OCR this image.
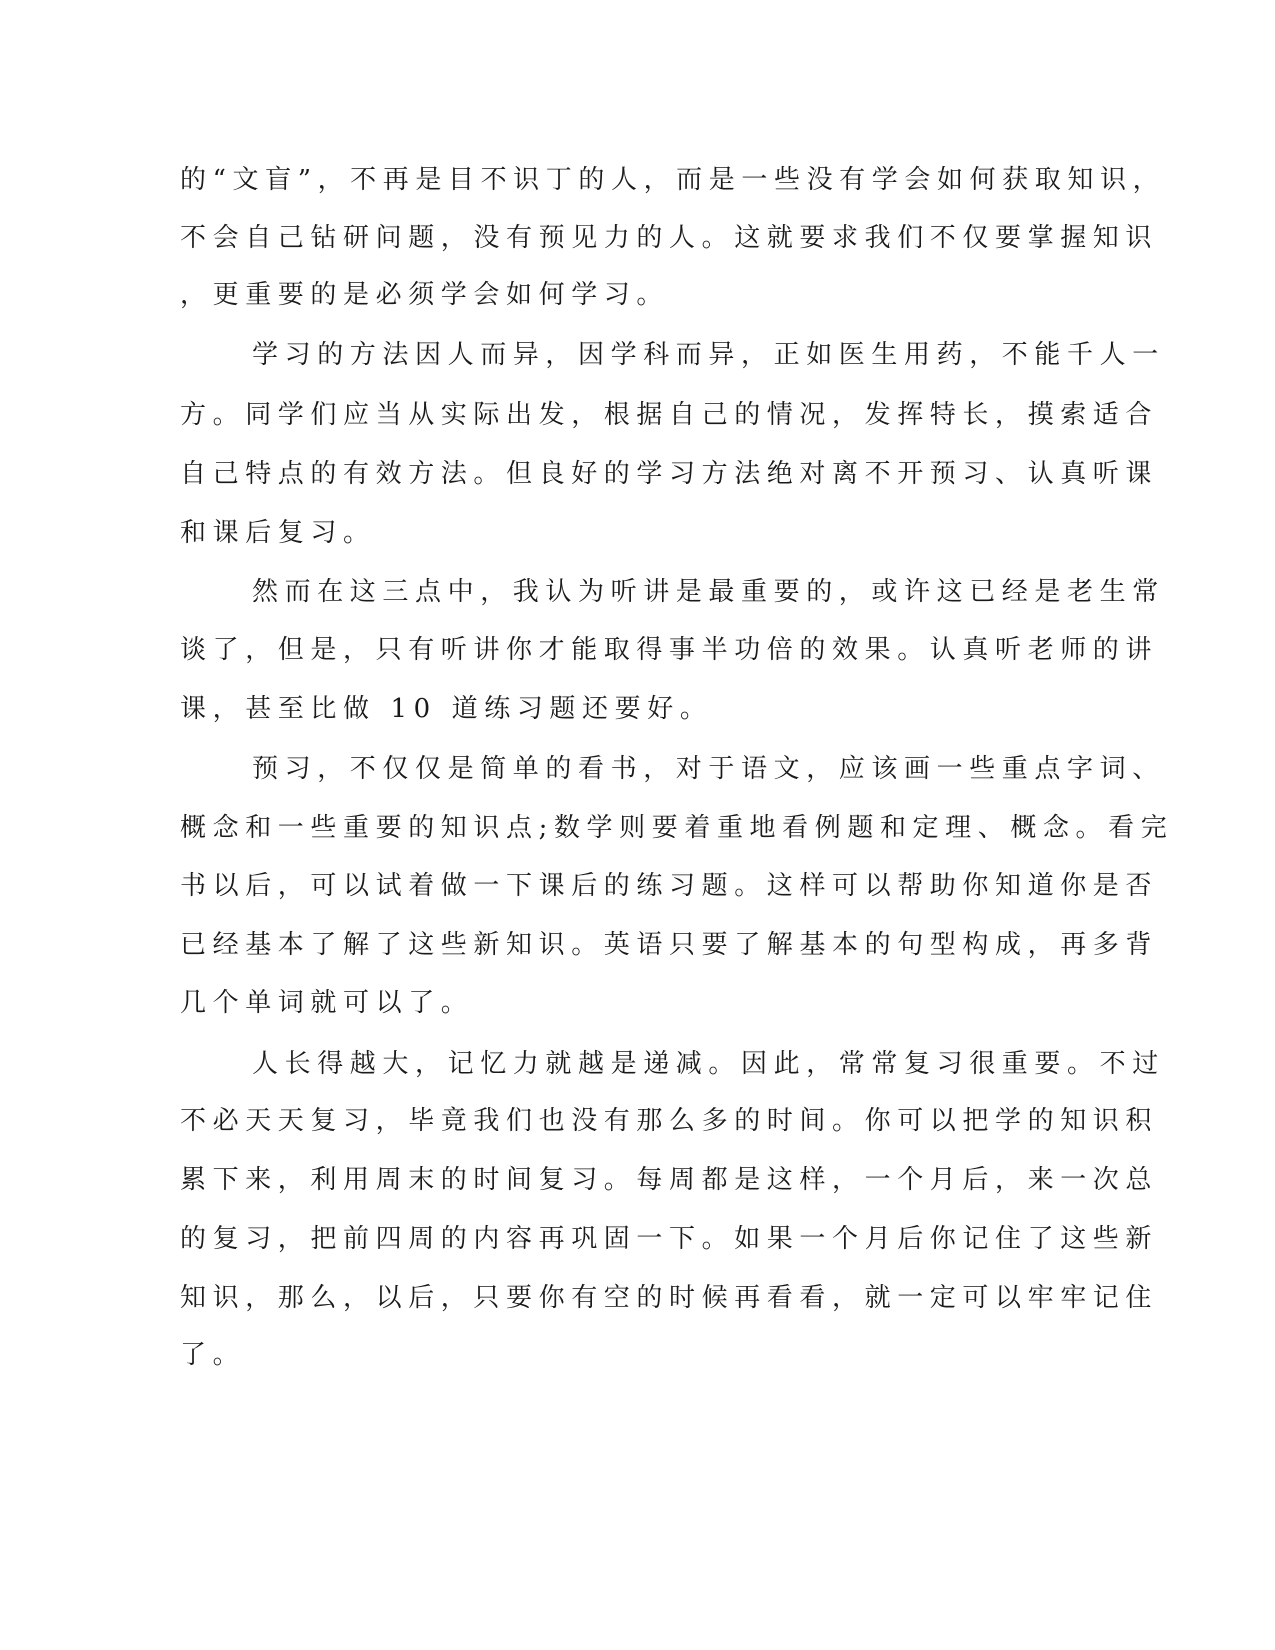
的“文盲”，不再是目不识丁的人，而是一些没有学会如何获取知识，
不会自己钻研问题，没有预见力的人。这就要求我们不仅要掌握知识
，更重要的是必须学会如何学习。
学习的方法因人而异，因学科而异，正如医生用药，不能千人一
方。同学们应当从实际出发，根据自己的情况，发挥特长，摸索适合
自己特点的有效方法。但良好的学习方法绝对离不开预习、认真听课
和课后复习。
然而在这三点中，我认为听讲是最重要的，或许这已经是老生常
谈了，但是，只有听讲你才能取得事半功倍的效果。认真听老师的讲
课，甚至比做 10 道练习题还要好。
预习，不仅仅是简单的看书，对于语文，应该画一些重点字词、
概念和一些重要的知识点;数学则要着重地看例题和定理、概念。看完
书以后，可以试着做一下课后的练习题。这样可以帮助你知道你是否
已经基本了解了这些新知识。英语只要了解基本的句型构成，再多背
几个单词就可以了。
人长得越大，记忆力就越是递减。因此，常常复习很重要。不过
不必天天复习，毕竟我们也没有那么多的时间。你可以把学的知识积
累下来，利用周末的时间复习。每周都是这样，一个月后，来一次总
的复习，把前四周的内容再巩固一下。如果一个月后你记住了这些新
知识，那么，以后，只要你有空的时候再看看，就一定可以牢牢记住
了。
